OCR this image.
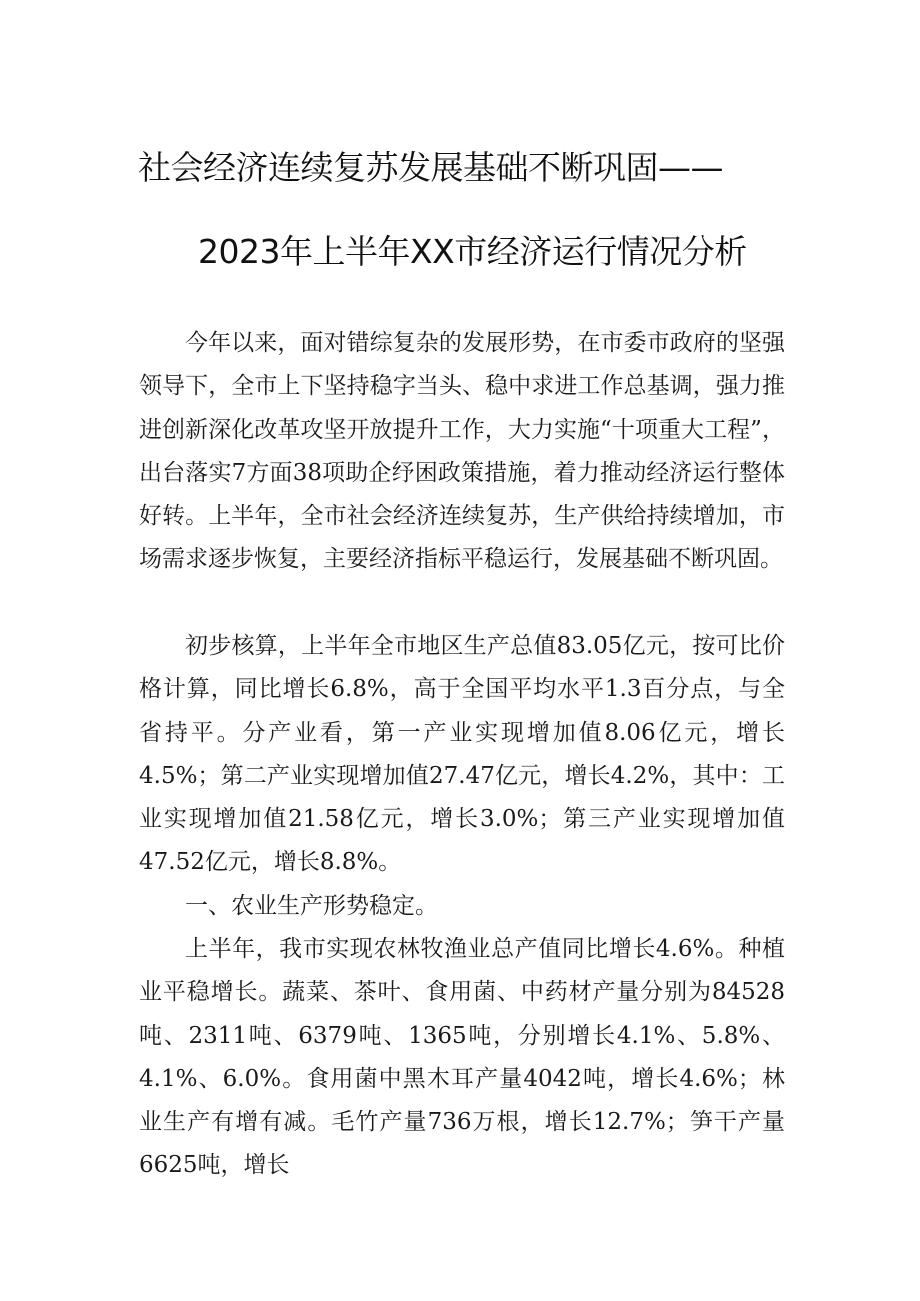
社会经济连续复苏发展基础不断巩固——
2023年上半年XX市经济运行情况分析

今年以来，面对错综复杂的发展形势，在市委市政府的坚强领导下，全市上下坚持稳字当头、稳中求进工作总基调，强力推进创新深化改革攻坚开放提升工作，大力实施“十项重大工程”，出台落实7方面38项助企纾困政策措施，着力推动经济运行整体好转。上半年，全市社会经济连续复苏，生产供给持续增加，市场需求逐步恢复，主要经济指标平稳运行，发展基础不断巩固。

初步核算，上半年全市地区生产总值83.05亿元，按可比价格计算，同比增长6.8%，高于全国平均水平1.3百分点，与全省持平。分产业看，第一产业实现增加值8.06亿元，增长4.5%；第二产业实现增加值27.47亿元，增长4.2%，其中：工业实现增加值21.58亿元，增长3.0%；第三产业实现增加值47.52亿元，增长8.8%。

一、农业生产形势稳定。

上半年，我市实现农林牧渔业总产值同比增长4.6%。种植业平稳增长。蔬菜、茶叶、食用菌、中药材产量分别为84528吨、2311吨、6379吨、1365吨，分别增长4.1%、5.8%、4.1%、6.0%。食用菌中黑木耳产量4042吨，增长4.6%；林业生产有增有减。毛竹产量736万根，增长12.7%；笋干产量6625吨，增长
